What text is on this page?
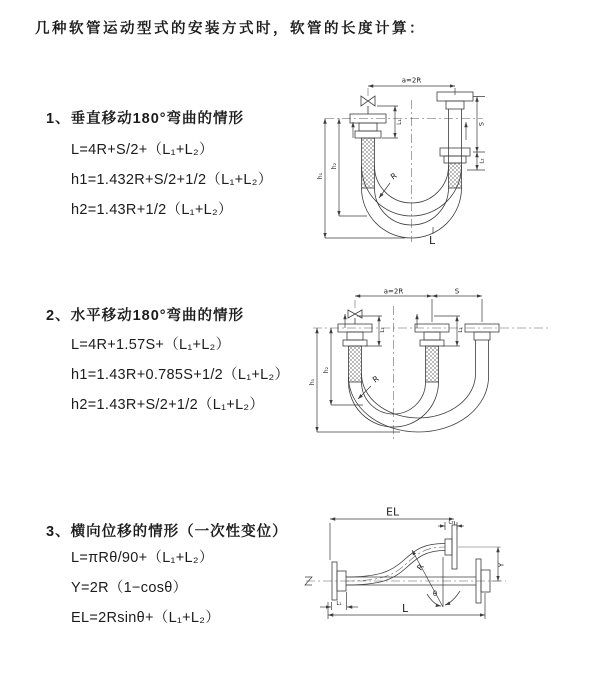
几种软管运动型式的安装方式时，软管的长度计算：
1、垂直移动180°弯曲的情形
L=4R+S/2+（L₁+L₂）
h1=1.432R+S/2+1/2（L₁+L₂）
h2=1.43R+1/2（L₁+L₂）
2、水平移动180°弯曲的情形
L=4R+1.57S+（L₁+L₂）
h1=1.43R+0.785S+1/2（L₁+L₂）
h2=1.43R+S/2+1/2（L₁+L₂）
3、横向位移的情形（一次性变位）
L=πRθ/90+（L₁+L₂）
Y=2R（1−cosθ）
EL=2Rsinθ+（L₁+L₂）
a=2R
L₁	S
L₂
h₁
h₂
R
L
a=2R	S
L₁	L₂
h₁
h₂
R
EL
L₂
Y
R
θ
L
L₁
